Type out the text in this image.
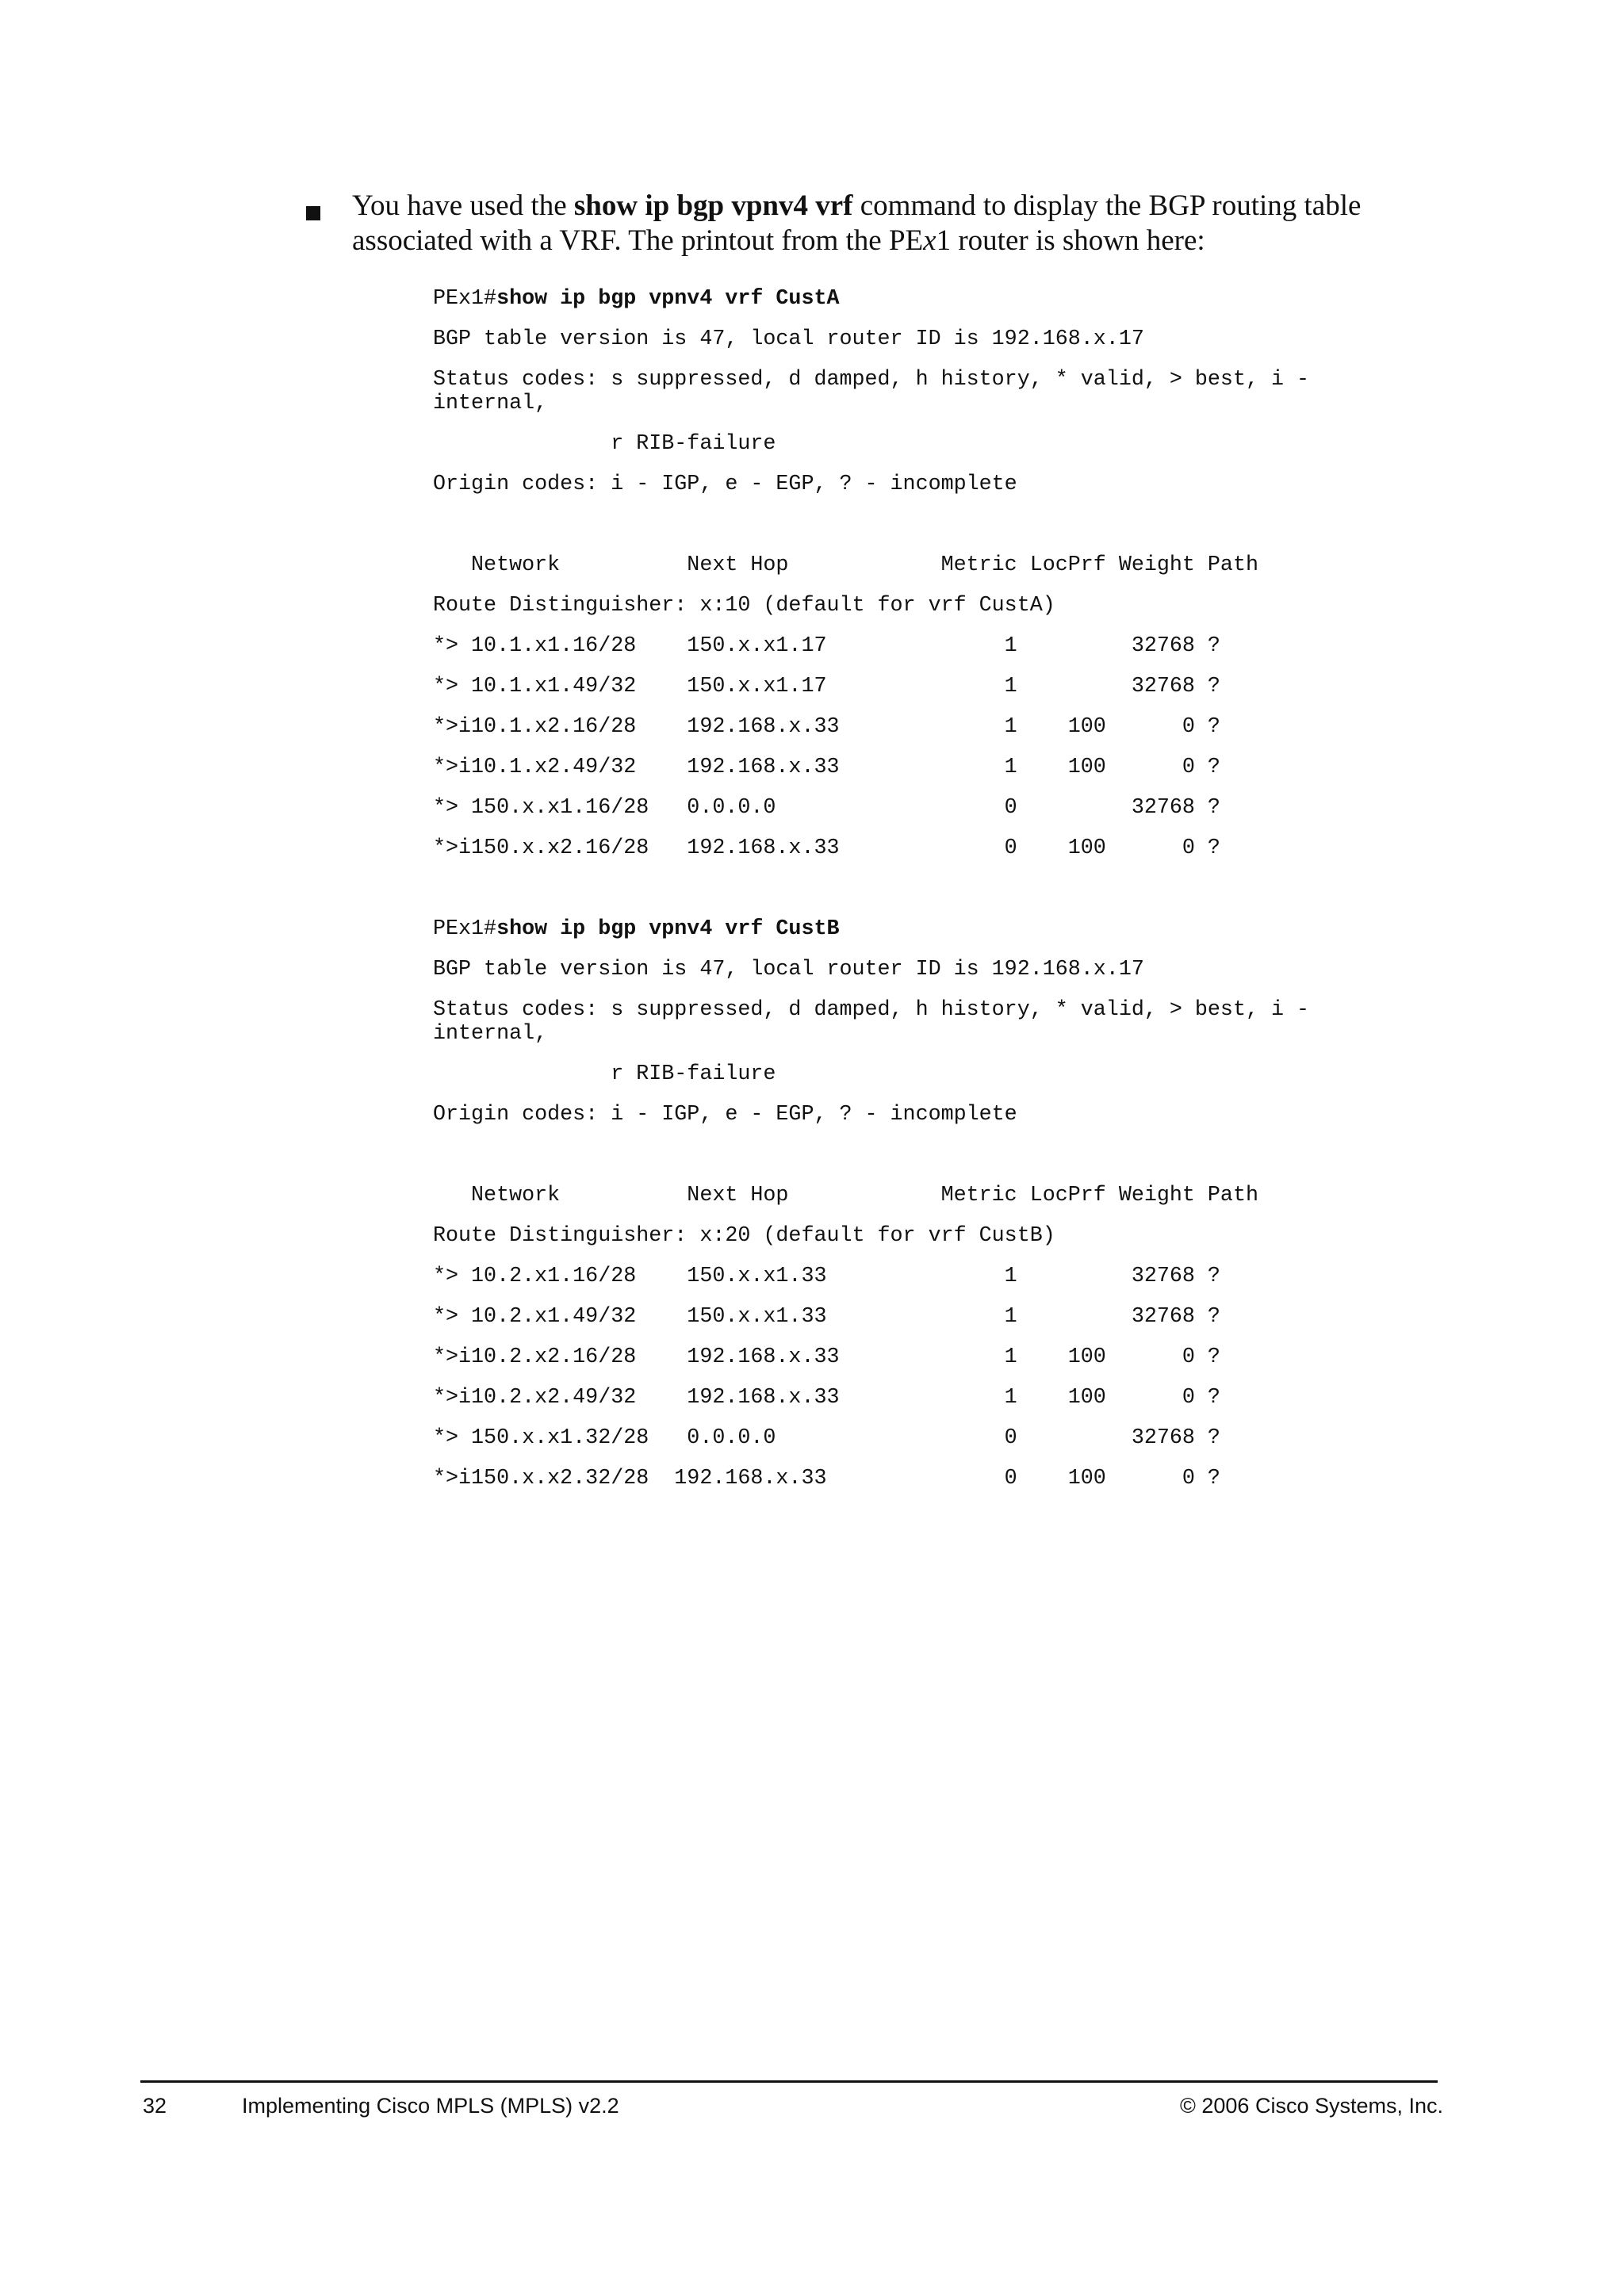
You have used the show ip bgp vpnv4 vrf command to display the BGP routing table associated with a VRF. The printout from the PEx1 router is shown here:
PEx1#show ip bgp vpnv4 vrf CustA
BGP table version is 47, local router ID is 192.168.x.17
Status codes: s suppressed, d damped, h history, * valid, > best, i -
internal,
r RIB-failure
Origin codes: i - IGP, e - EGP, ? - incomplete
Network          Next Hop            Metric LocPrf Weight Path
Route Distinguisher: x:10 (default for vrf CustA)
*> 10.1.x1.16/28    150.x.x1.17              1         32768 ?
*> 10.1.x1.49/32    150.x.x1.17              1         32768 ?
*>i10.1.x2.16/28    192.168.x.33             1    100      0 ?
*>i10.1.x2.49/32    192.168.x.33             1    100      0 ?
*> 150.x.x1.16/28   0.0.0.0                  0         32768 ?
*>i150.x.x2.16/28   192.168.x.33             0    100      0 ?
PEx1#show ip bgp vpnv4 vrf CustB
BGP table version is 47, local router ID is 192.168.x.17
Status codes: s suppressed, d damped, h history, * valid, > best, i -
internal,
r RIB-failure
Origin codes: i - IGP, e - EGP, ? - incomplete
Network          Next Hop            Metric LocPrf Weight Path
Route Distinguisher: x:20 (default for vrf CustB)
*> 10.2.x1.16/28    150.x.x1.33              1         32768 ?
*> 10.2.x1.49/32    150.x.x1.33              1         32768 ?
*>i10.2.x2.16/28    192.168.x.33             1    100      0 ?
*>i10.2.x2.49/32    192.168.x.33             1    100      0 ?
*> 150.x.x1.32/28   0.0.0.0                  0         32768 ?
*>i150.x.x2.32/28  192.168.x.33              0    100      0 ?
32	Implementing Cisco MPLS (MPLS) v2.2	© 2006 Cisco Systems, Inc.
